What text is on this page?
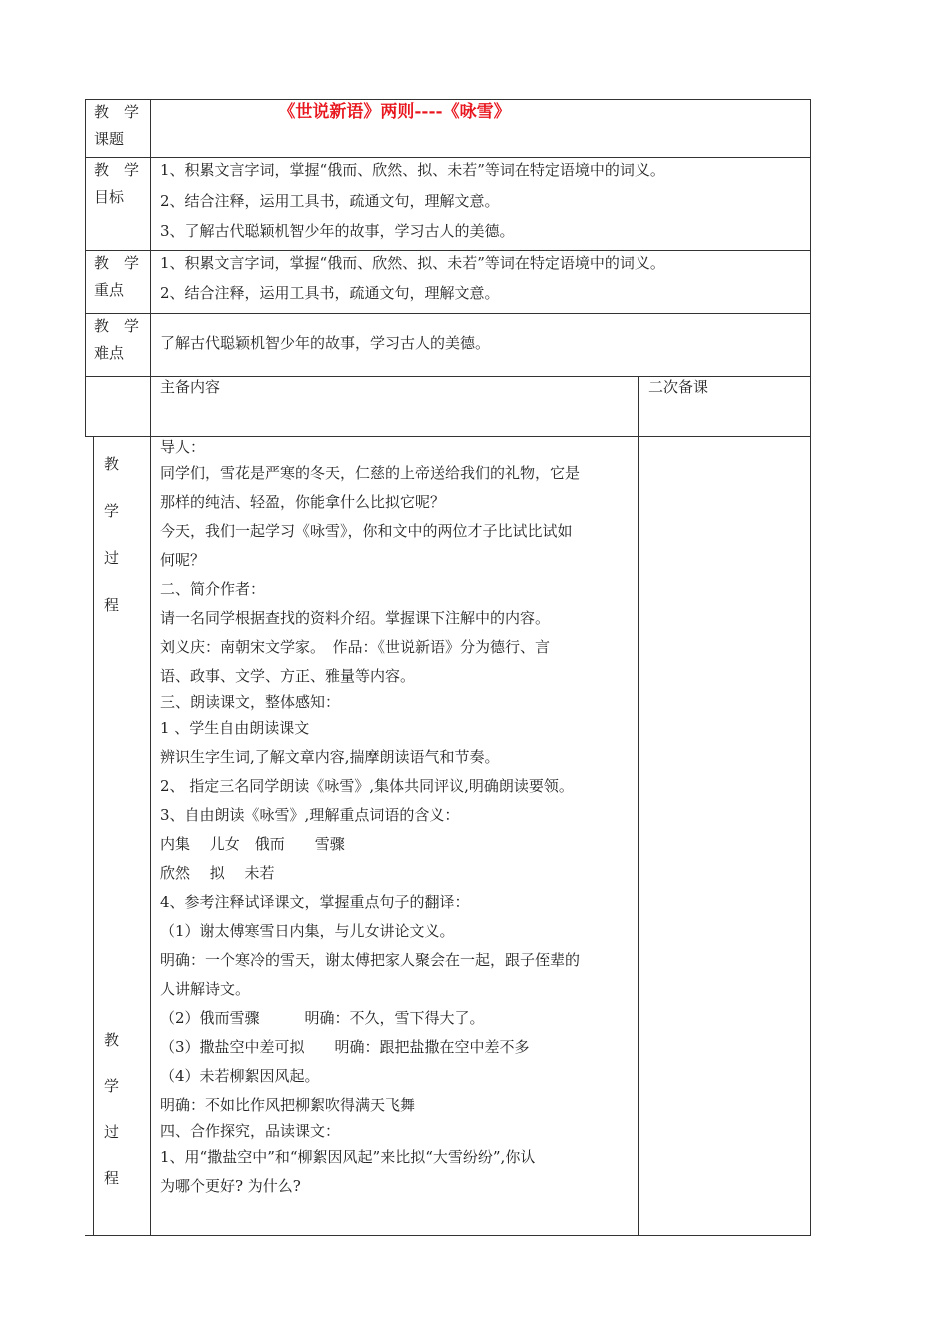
教　学
课题
《世说新语》两则----《咏雪》
教　学
目标
1、积累文言字词，掌握“俄而、欣然、拟、未若”等词在特定语境中的词义。
2、结合注释，运用工具书，疏通文句，理解文意。
3、了解古代聪颖机智少年的故事，学习古人的美德。
教　学
重点
1、积累文言字词，掌握“俄而、欣然、拟、未若”等词在特定语境中的词义。
2、结合注释，运用工具书，疏通文句，理解文意。
教　学
难点
了解古代聪颖机智少年的故事，学习古人的美德。
主备内容	二次备课
教
学
过
程
教
学
过
程
导人：
同学们，雪花是严寒的冬天，仁慈的上帝送给我们的礼物，它是
那样的纯洁、轻盈，你能拿什么比拟它呢？
今天，我们一起学习《咏雪》，你和文中的两位才子比试比试如
何呢？
二、简介作者：
请一名同学根据查找的资料介绍。掌握课下注解中的内容。
刘义庆：南朝宋文学家。　作品：《世说新语》分为德行、言
语、政事、文学、方正、雅量等内容。
三、朗读课文，整体感知：
1 、学生自由朗读课文
辨识生字生词,了解文章内容,揣摩朗读语气和节奏。
2、 指定三名同学朗读《咏雪》,集体共同评议,明确朗读要领。
3、自由朗读《咏雪》,理解重点词语的含义：
内集　 儿女　俄而　　雪骤
欣然　 拟　 未若
4、参考注释试译课文，掌握重点句子的翻译：
（1）谢太傅寒雪日内集，与儿女讲论文义。
明确：一个寒冷的雪天，谢太傅把家人聚会在一起，跟子侄辈的
人讲解诗文。
（2）俄而雪骤　　　明确：不久，雪下得大了。
（3）撒盐空中差可拟　　明确：跟把盐撒在空中差不多
（4）未若柳絮因风起。
明确：不如比作风把柳絮吹得满天飞舞
四、合作探究，品读课文：
1、用“撒盐空中”和“柳絮因风起”来比拟“大雪纷纷”,你认
为哪个更好? 为什么?
